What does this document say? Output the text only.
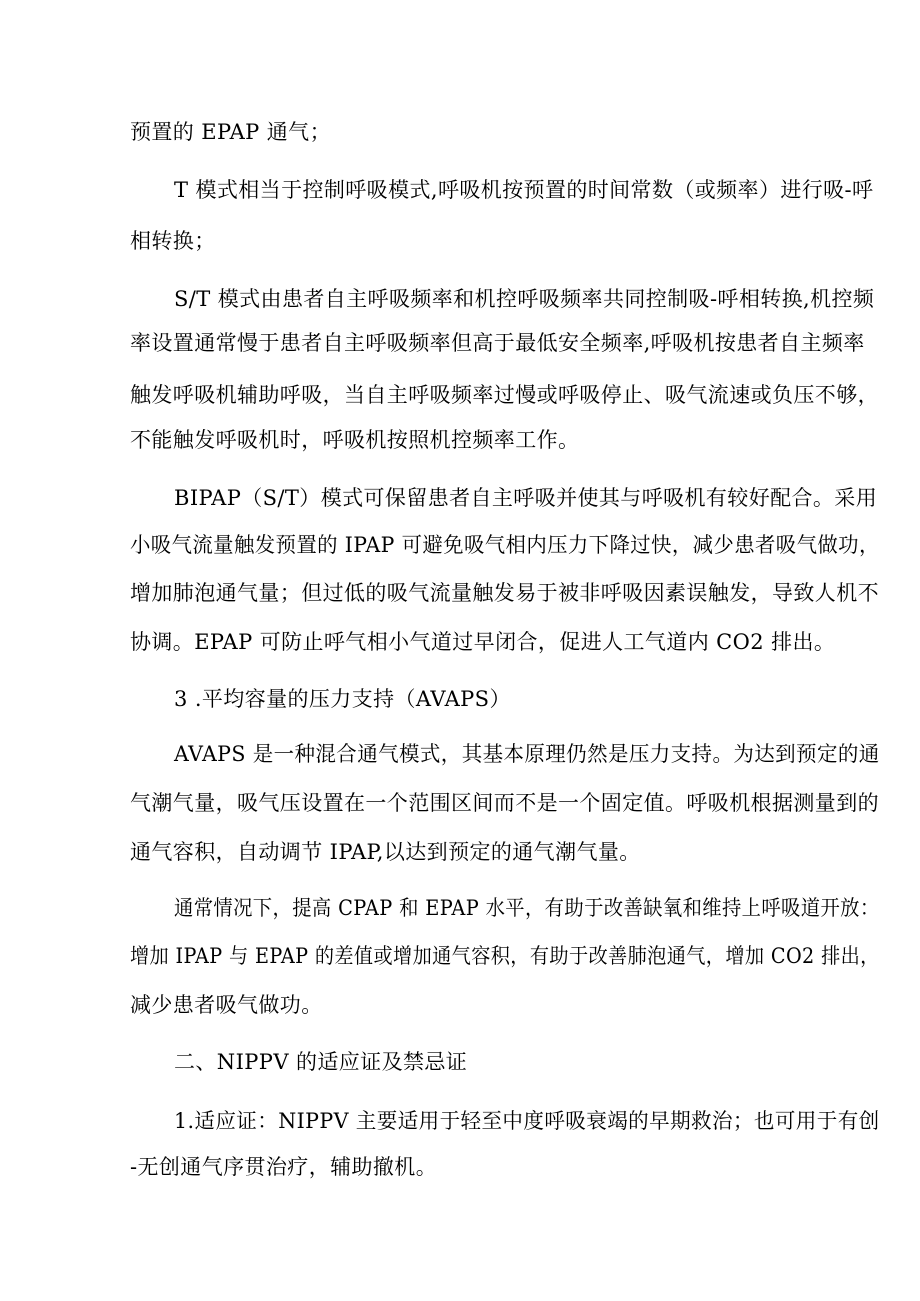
预置的 EPAP 通气；
T 模式相当于控制呼吸模式,呼吸机按预置的时间常数（或频率）进行吸-呼
相转换；
S/T 模式由患者自主呼吸频率和机控呼吸频率共同控制吸-呼相转换,机控频
率设置通常慢于患者自主呼吸频率但高于最低安全频率,呼吸机按患者自主频率
触发呼吸机辅助呼吸，当自主呼吸频率过慢或呼吸停止、吸气流速或负压不够，
不能触发呼吸机时，呼吸机按照机控频率工作。
BIPAP（S/T）模式可保留患者自主呼吸并使其与呼吸机有较好配合。采用
小吸气流量触发预置的 IPAP 可避免吸气相内压力下降过快，减少患者吸气做功，
增加肺泡通气量；但过低的吸气流量触发易于被非呼吸因素误触发，导致人机不
协调。EPAP 可防止呼气相小气道过早闭合，促进人工气道内 CO2 排出。
3 .平均容量的压力支持（AVAPS）
AVAPS 是一种混合通气模式，其基本原理仍然是压力支持。为达到预定的通
气潮气量，吸气压设置在一个范围区间而不是一个固定值。呼吸机根据测量到的
通气容积，自动调节 IPAP,以达到预定的通气潮气量。
通常情况下，提高 CPAP 和 EPAP 水平，有助于改善缺氧和维持上呼吸道开放：
增加 IPAP 与 EPAP 的差值或增加通气容积，有助于改善肺泡通气，增加 CO2 排出，
减少患者吸气做功。
二、NIPPV 的适应证及禁忌证
1.适应证：NIPPV 主要适用于轻至中度呼吸衰竭的早期救治；也可用于有创
-无创通气序贯治疗，辅助撤机。
